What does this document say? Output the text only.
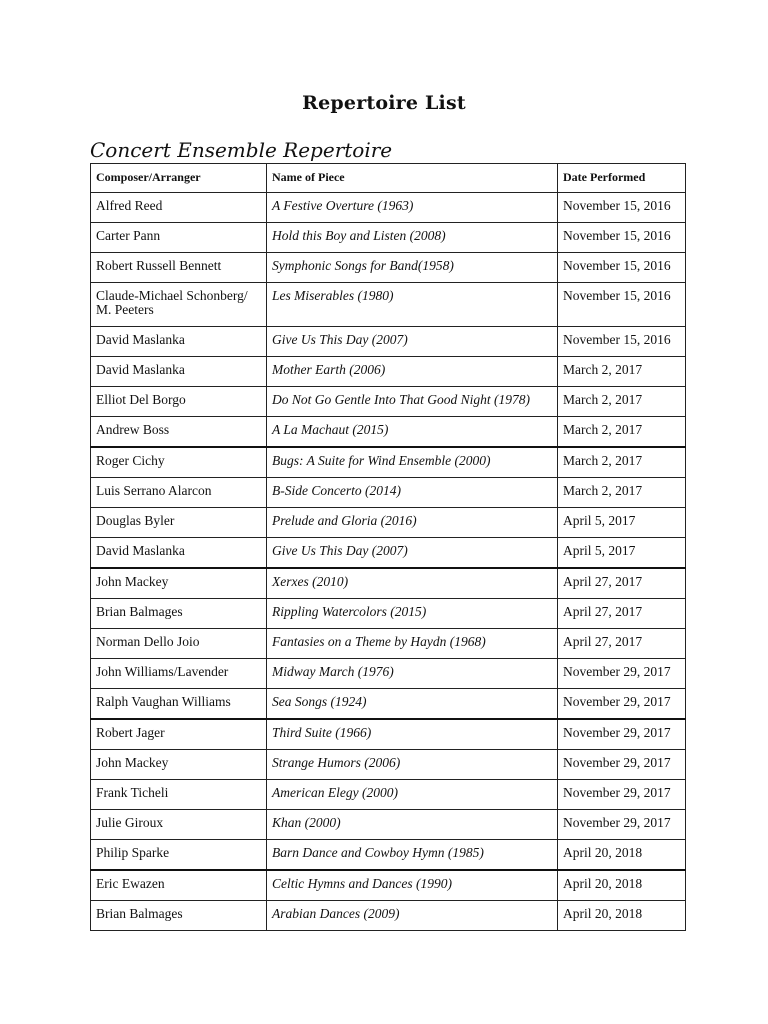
Repertoire List
Concert Ensemble Repertoire
Composer/Arranger	Name of Piece	Date Performed
Alfred Reed	A Festive Overture (1963)	November 15, 2016
Carter Pann	Hold this Boy and Listen (2008)	November 15, 2016
Robert Russell Bennett	Symphonic Songs for Band(1958)	November 15, 2016
Claude-Michael Schonberg/ M. Peeters	Les Miserables (1980)	November 15, 2016
David Maslanka	Give Us This Day (2007)	November 15, 2016
David Maslanka	Mother Earth (2006)	March 2, 2017
Elliot Del Borgo	Do Not Go Gentle Into That Good Night (1978)	March 2, 2017
Andrew Boss	A La Machaut (2015)	March 2, 2017
Roger Cichy	Bugs: A Suite for Wind Ensemble (2000)	March 2, 2017
Luis Serrano Alarcon	B-Side Concerto (2014)	March 2, 2017
Douglas Byler	Prelude and Gloria (2016)	April 5, 2017
David Maslanka	Give Us This Day (2007)	April 5, 2017
John Mackey	Xerxes (2010)	April 27, 2017
Brian Balmages	Rippling Watercolors (2015)	April 27, 2017
Norman Dello Joio	Fantasies on a Theme by Haydn (1968)	April 27, 2017
John Williams/Lavender	Midway March (1976)	November 29, 2017
Ralph Vaughan Williams	Sea Songs (1924)	November 29, 2017
Robert Jager	Third Suite (1966)	November 29, 2017
John Mackey	Strange Humors (2006)	November 29, 2017
Frank Ticheli	American Elegy (2000)	November 29, 2017
Julie Giroux	Khan (2000)	November 29, 2017
Philip Sparke	Barn Dance and Cowboy Hymn (1985)	April 20, 2018
Eric Ewazen	Celtic Hymns and Dances (1990)	April 20, 2018
Brian Balmages	Arabian Dances (2009)	April 20, 2018
